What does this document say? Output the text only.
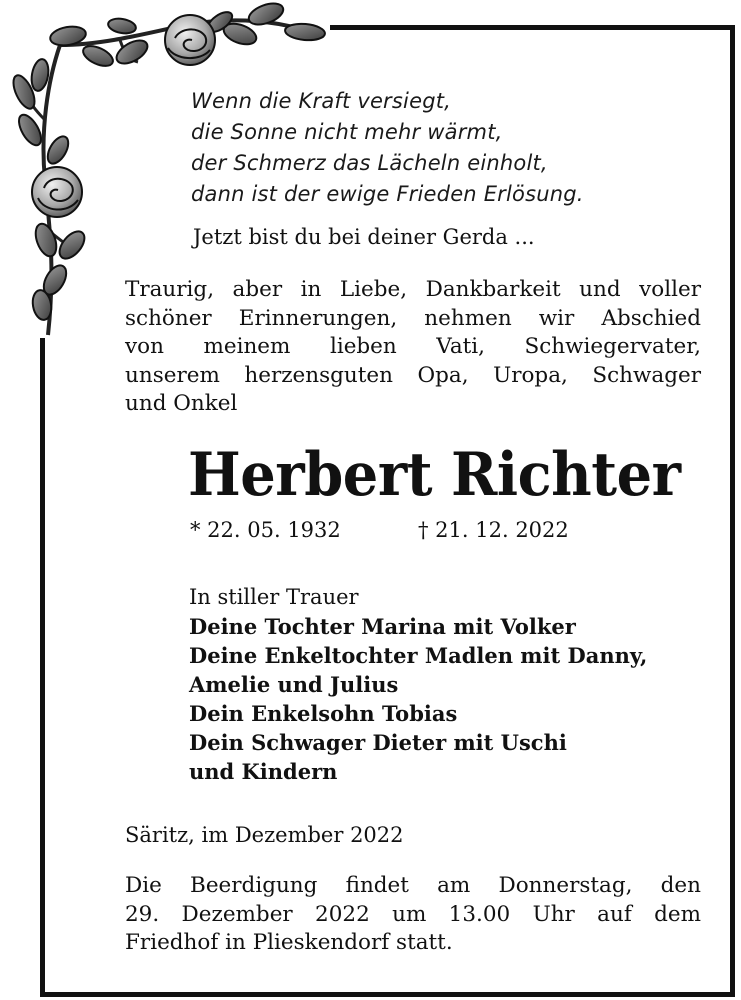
Wenn die Kraft versiegt,
die Sonne nicht mehr wärmt,
der Schmerz das Lächeln einholt,
dann ist der ewige Frieden Erlösung.
Jetzt bist du bei deiner Gerda ...
Traurig, aber in Liebe, Dankbarkeit und voller
schöner Erinnerungen, nehmen wir Abschied
von meinem lieben Vati, Schwiegervater,
unserem herzensguten Opa, Uropa, Schwager
und Onkel
Herbert Richter
* 22. 05. 1932	† 21. 12. 2022
In stiller Trauer
Deine Tochter Marina mit Volker
Deine Enkeltochter Madlen mit Danny,
Amelie und Julius
Dein Enkelsohn Tobias
Dein Schwager Dieter mit Uschi
und Kindern
Säritz, im Dezember 2022
Die Beerdigung findet am Donnerstag, den
29. Dezember 2022 um 13.00 Uhr auf dem
Friedhof in Plieskendorf statt.
